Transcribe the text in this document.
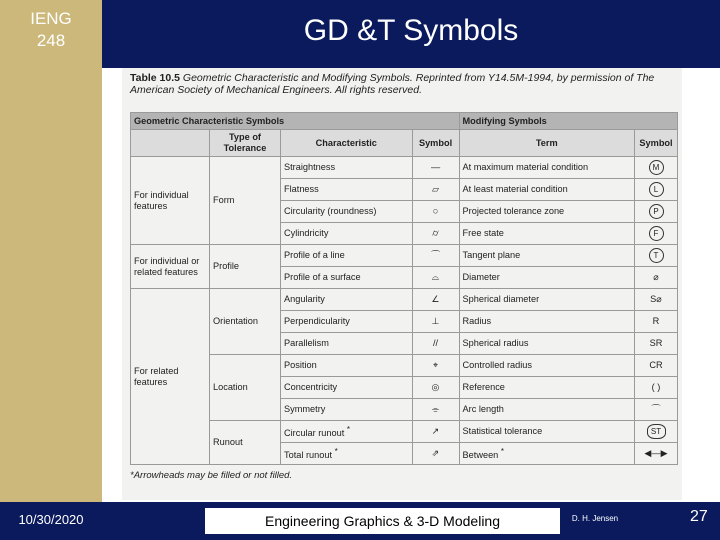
IENG
248	GD &T Symbols
Table 10.5 Geometric Characteristic and Modifying Symbols. Reprinted from Y14.5M-1994, by permission of The American Society of Mechanical Engineers. All rights reserved.
Geometric Characteristic Symbols				Modifying Symbols	
	Type of Tolerance	Characteristic	Symbol	Term	Symbol
For individual features	Form	Straightness	—	At maximum material condition	M
		Flatness	▱	At least material condition	L
		Circularity (roundness)	○	Projected tolerance zone	P
		Cylindricity	⌭	Free state	F
For individual or related features	Profile	Profile of a line	⌒	Tangent plane	T
		Profile of a surface	⌓	Diameter	⌀
For related features	Orientation	Angularity	∠	Spherical diameter	S⌀
		Perpendicularity	⊥	Radius	R
		Parallelism	//	Spherical radius	SR
	Location	Position	⌖	Controlled radius	CR
		Concentricity	◎	Reference	( )
		Symmetry	⌯	Arc length	⌒
	Runout	Circular runout *	↗	Statistical tolerance	ST
		Total runout *	⇗	Between *	◀—▶
*Arrowheads may be filled or not filled.
10/30/2020	Engineering Graphics & 3-D Modeling	D. H. Jensen	27
